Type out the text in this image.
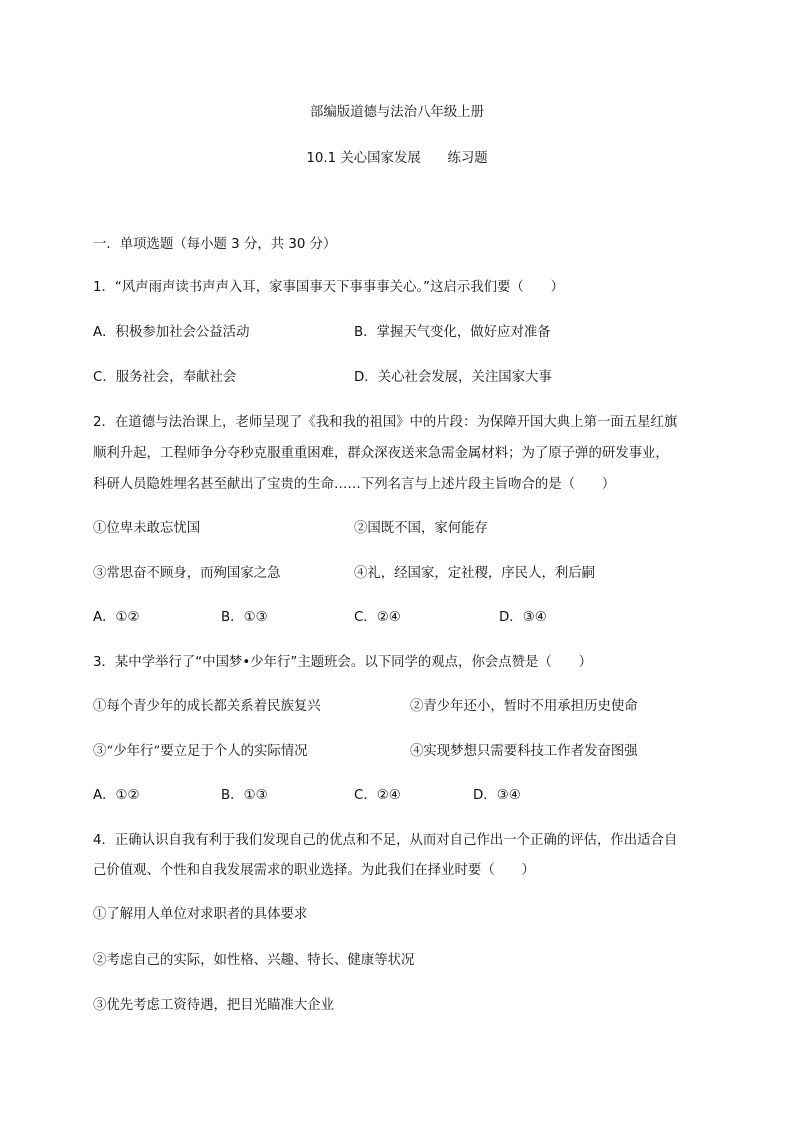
部编版道德与法治八年级上册
10.1 关心国家发展　　练习题
一．单项选题（每小题 3 分，共 30 分）
1．“风声雨声读书声声入耳，家事国事天下事事事关心。”这启示我们要（　　）
A．积极参加社会公益活动	B．掌握天气变化，做好应对准备
C．服务社会，奉献社会	D．关心社会发展，关注国家大事
2．在道德与法治课上，老师呈现了《我和我的祖国》中的片段：为保障开国大典上第一面五星红旗
顺利升起，工程师争分夺秒克服重重困难，群众深夜送来急需金属材料；为了原子弹的研发事业，
科研人员隐姓埋名甚至献出了宝贵的生命……下列名言与上述片段主旨吻合的是（　　）
①位卑未敢忘忧国	②国既不国，家何能存
③常思奋不顾身，而殉国家之急	④礼，经国家，定社稷，序民人，利后嗣
A．①②	B．①③	C．②④	D．③④
3．某中学举行了“中国梦•少年行”主题班会。以下同学的观点，你会点赞是（　　）
①每个青少年的成长都关系着民族复兴	②青少年还小，暂时不用承担历史使命
③“少年行”要立足于个人的实际情况	④实现梦想只需要科技工作者发奋图强
A．①②	B．①③	C．②④	D．③④
4．正确认识自我有利于我们发现自己的优点和不足，从而对自己作出一个正确的评估，作出适合自
己价值观、个性和自我发展需求的职业选择。为此我们在择业时要（　　）
①了解用人单位对求职者的具体要求
②考虑自己的实际，如性格、兴趣、特长、健康等状况
③优先考虑工资待遇，把目光瞄准大企业
